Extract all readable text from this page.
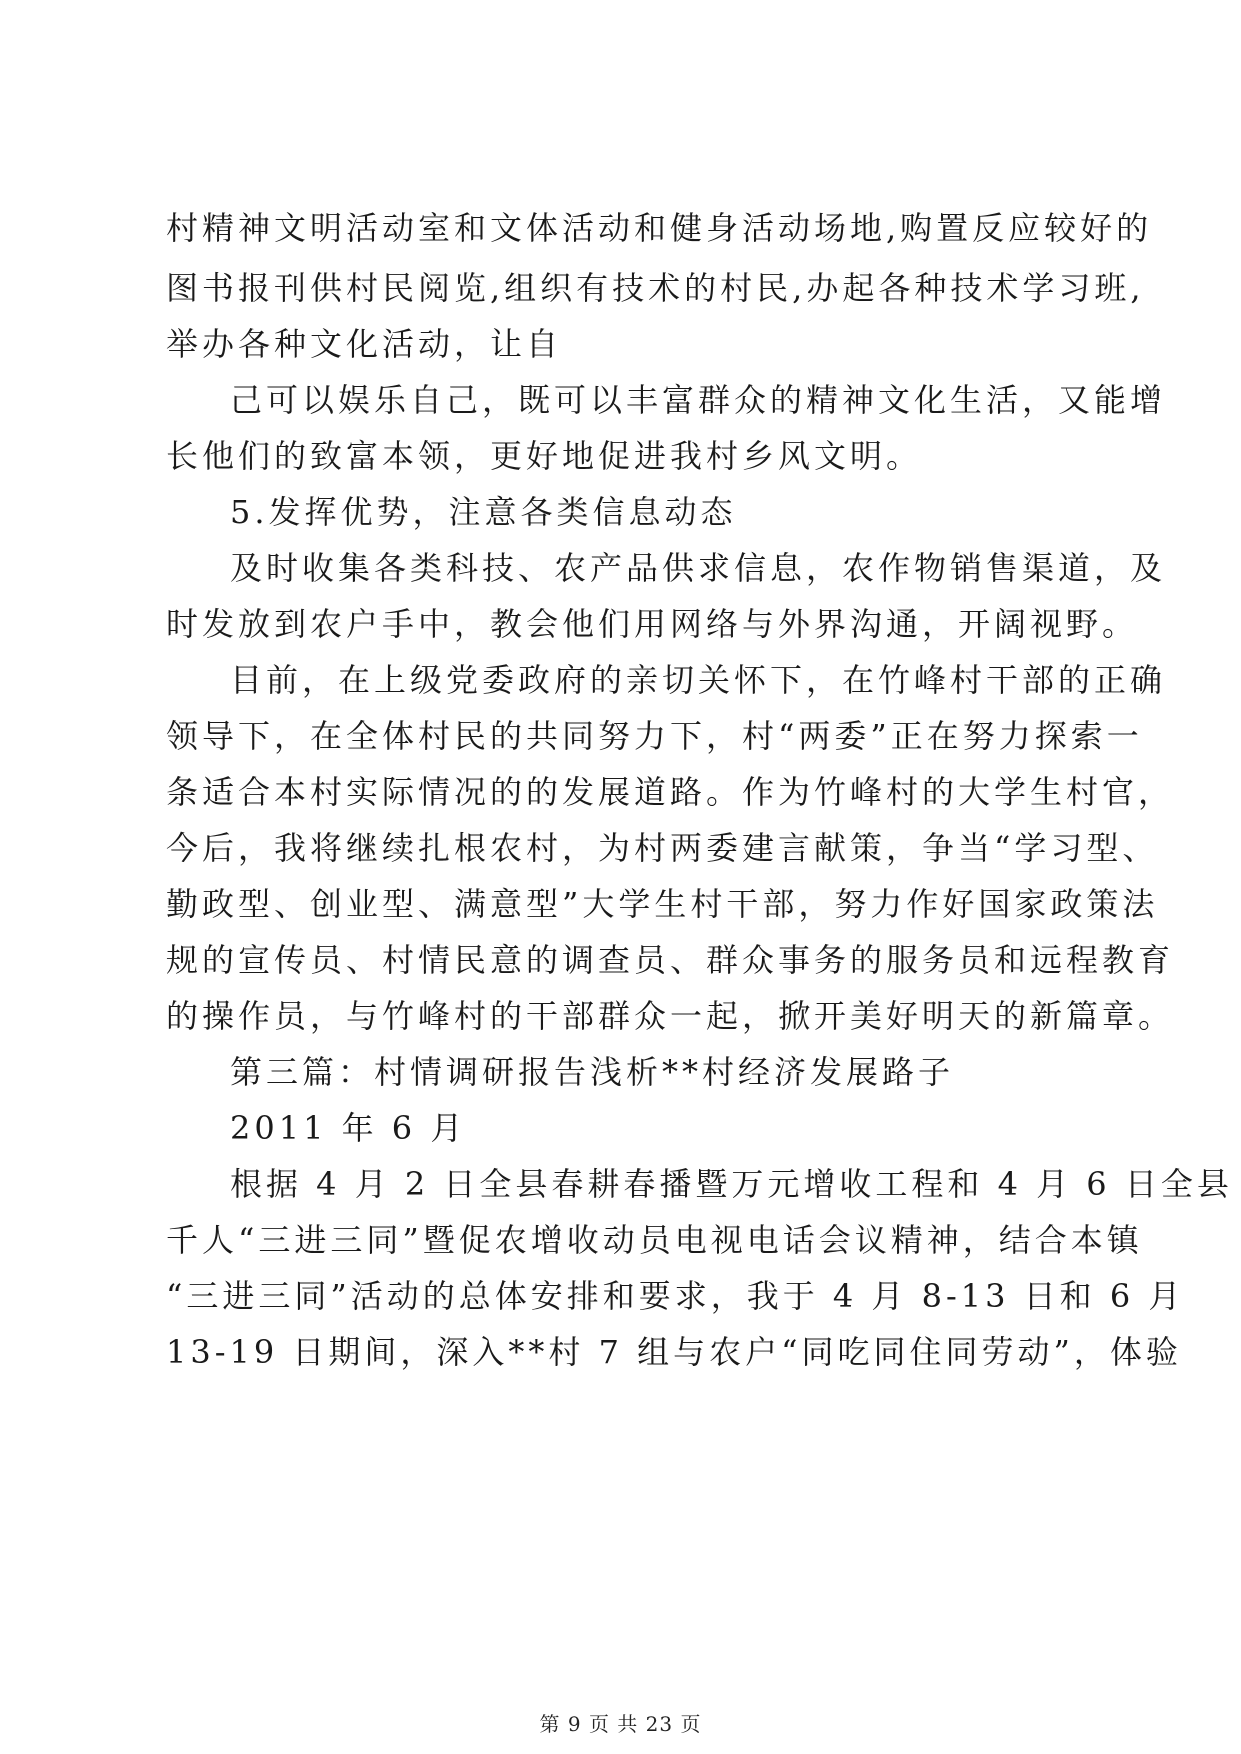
村精神文明活动室和文体活动和健身活动场地,购置反应较好的
图书报刊供村民阅览,组织有技术的村民,办起各种技术学习班,
举办各种文化活动，让自
己可以娱乐自己，既可以丰富群众的精神文化生活，又能增
长他们的致富本领，更好地促进我村乡风文明。
5.发挥优势，注意各类信息动态
及时收集各类科技、农产品供求信息，农作物销售渠道，及
时发放到农户手中，教会他们用网络与外界沟通，开阔视野。
目前，在上级党委政府的亲切关怀下，在竹峰村干部的正确
领导下，在全体村民的共同努力下，村“两委”正在努力探索一
条适合本村实际情况的的发展道路。作为竹峰村的大学生村官，
今后，我将继续扎根农村，为村两委建言献策，争当“学习型、
勤政型、创业型、满意型”大学生村干部，努力作好国家政策法
规的宣传员、村情民意的调查员、群众事务的服务员和远程教育
的操作员，与竹峰村的干部群众一起，掀开美好明天的新篇章。
第三篇：村情调研报告浅析**村经济发展路子
2011 年 6 月
根据 4 月 2 日全县春耕春播暨万元增收工程和 4 月 6 日全县
千人“三进三同”暨促农增收动员电视电话会议精神，结合本镇
“三进三同”活动的总体安排和要求，我于 4 月 8-13 日和 6 月
13-19 日期间，深入**村 7 组与农户“同吃同住同劳动”，体验
第 9 页 共 23 页
